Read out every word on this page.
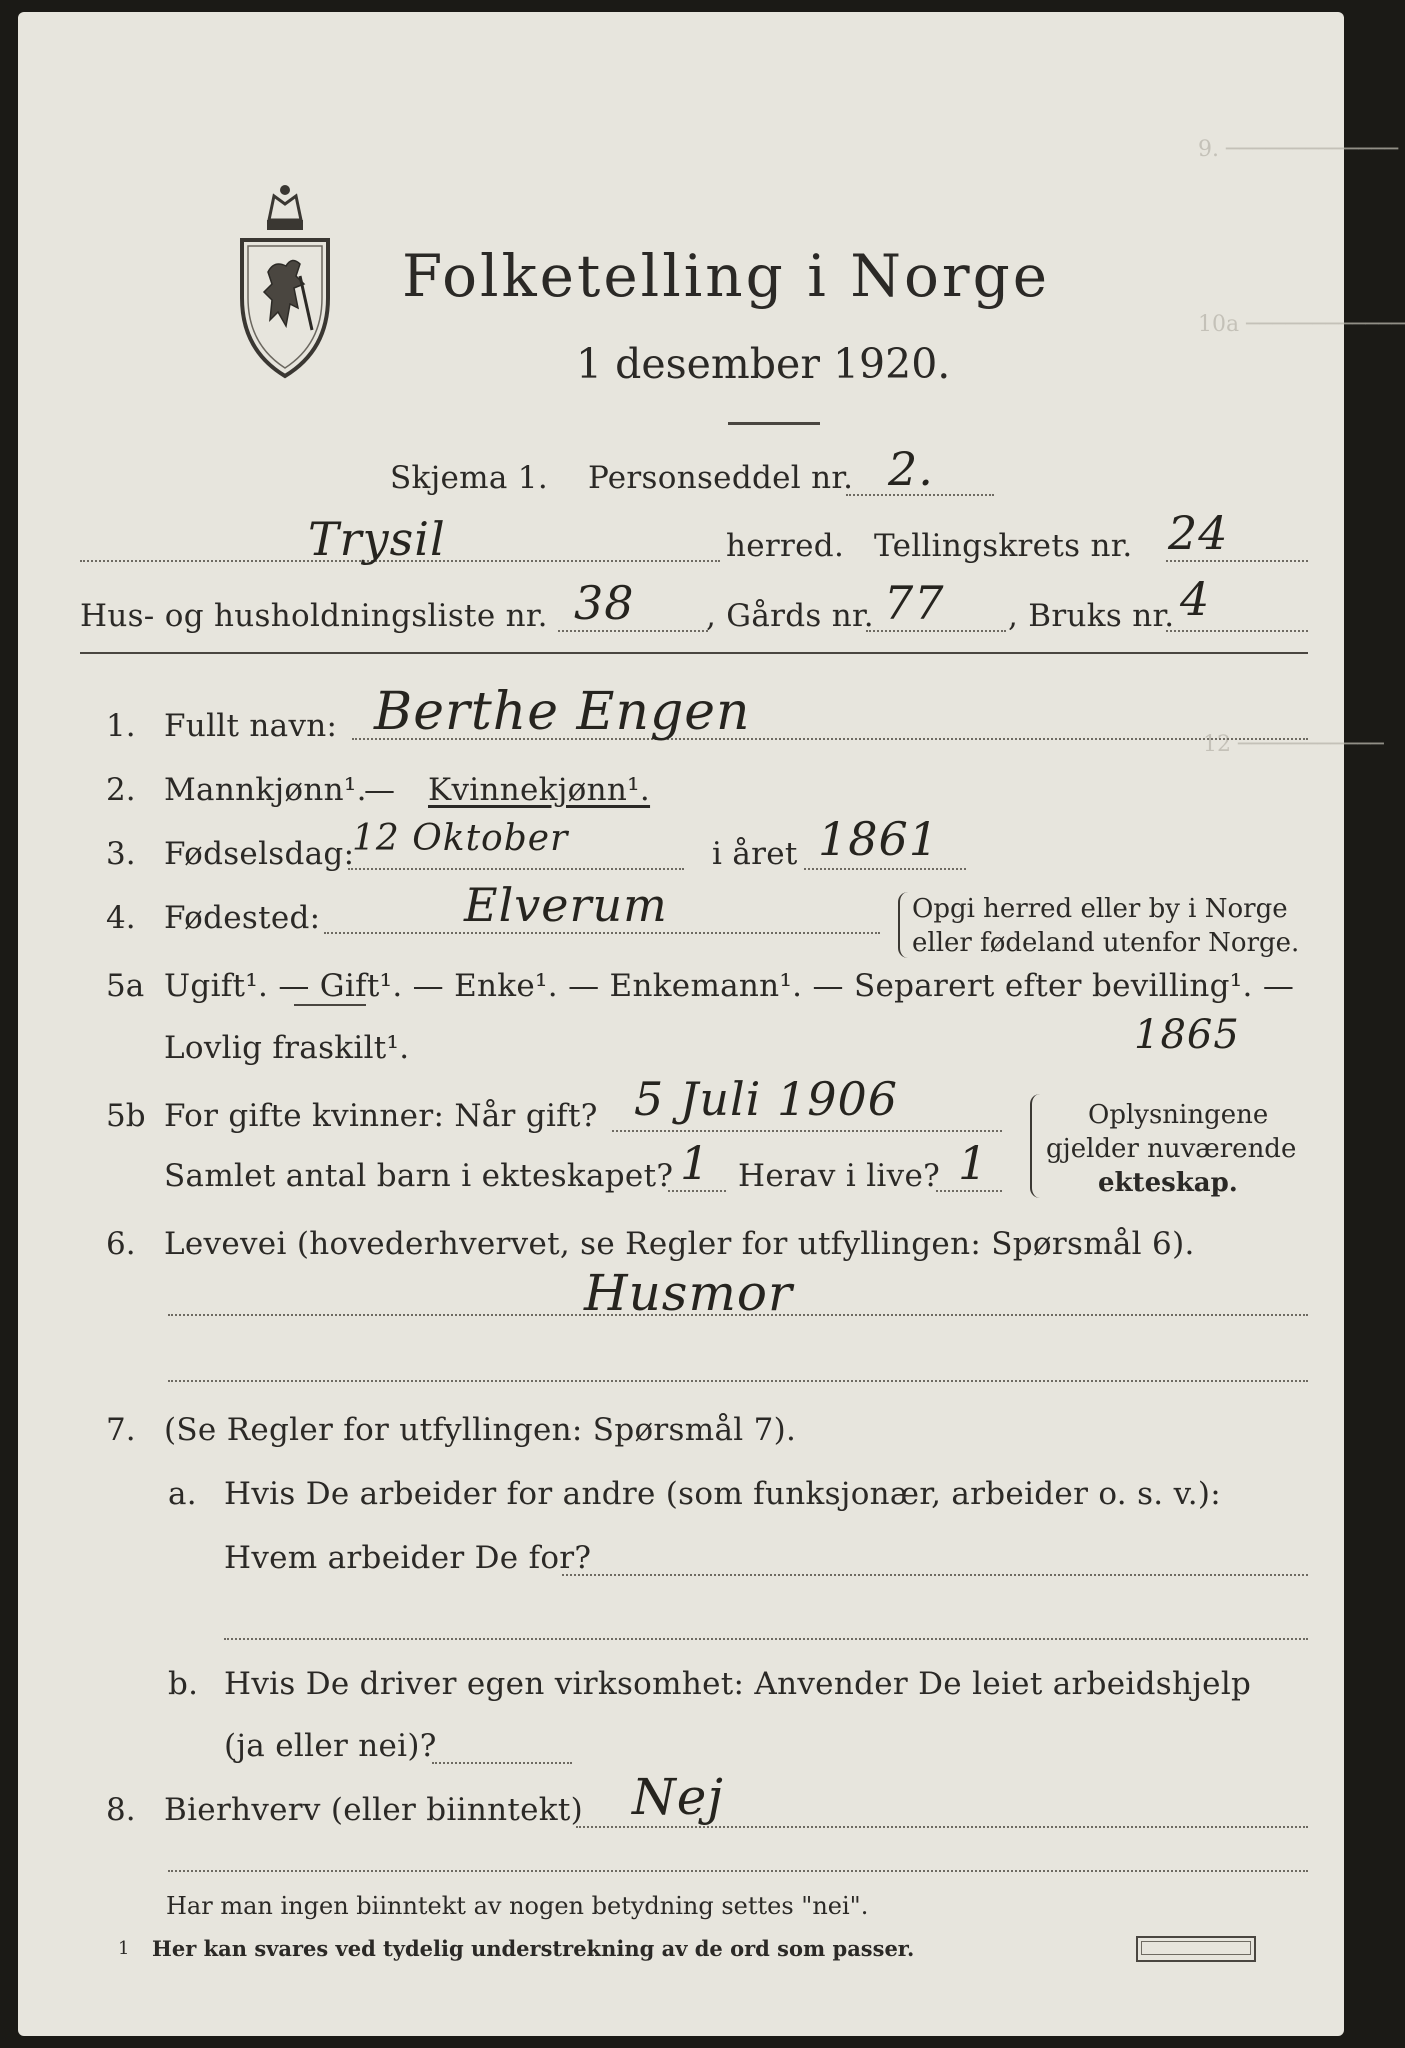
9. ─────────────
10a ────────────
12 ───────────
Folketelling i Norge
1 desember 1920.
Skjema 1. Personseddel nr. 2.
Trysil	herred. Tellingskrets nr. 24
Hus- og husholdningsliste nr. 38 , Gårds nr. 77 , Bruks nr. 4
1. Fullt navn: Berthe Engen
2. Mannkjønn¹.
— Kvinnekjønn¹.
3. Fødselsdag:
12 Oktober	i året 1861
4. Fødested:	Elverum	Opgi herred eller by i Norge
eller fødeland utenfor Norge.
5a Ugift¹. — Gift¹. — Enke¹. — Enkemann¹. — Separert efter bevilling¹. —
Lovlig fraskilt¹.	1865
5b For gifte kvinner: Når gift? 5 Juli 1906
Samlet antal barn i ekteskapet? 1 Herav i live? 1
Oplysningene
gjelder nuværende
ekteskap.
6. Levevei (hovederhvervet, se Regler for utfyllingen: Spørsmål 6).
Husmor
7. (Se Regler for utfyllingen: Spørsmål 7).
a. Hvis De arbeider for andre (som funksjonær, arbeider o. s. v.):
Hvem arbeider De for?
b. Hvis De driver egen virksomhet: Anvender De leiet arbeidshjelp
(ja eller nei)?
8. Bierhverv (eller biinntekt) Nej
Har man ingen biinntekt av nogen betydning settes "nei".
1 Her kan svares ved tydelig understrekning av de ord som passer.
